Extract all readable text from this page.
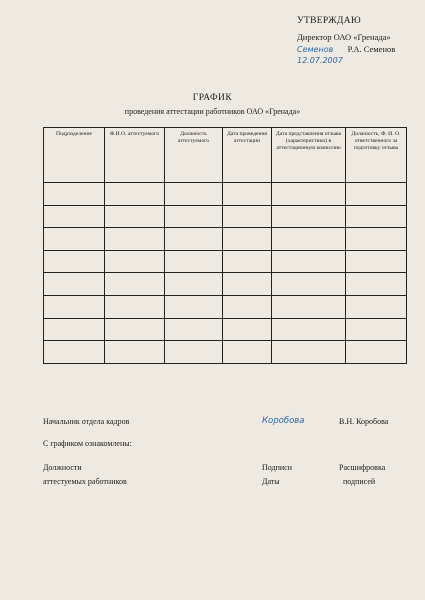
УТВЕРЖДАЮ
Директор ОАО «Гренада»
Семенов Р.А. Семенов
12.07.2007
ГРАФИК
проведения аттестации работников ОАО «Гренада»
Подразделение	Ф.И.О. аттестуемого	Должность аттестуемого	Дата проведения аттестации	Дата представления отзыва (характеристики) в аттестационную комиссию	Должность, Ф. И. О. ответственного за подготовку отзыва

Начальник отдела кадров	Коробова	В.Н. Коробова
С графиком ознакомлены:
Должности
аттестуемых работников
Подписи
Даты
Расшифровка
подписей
